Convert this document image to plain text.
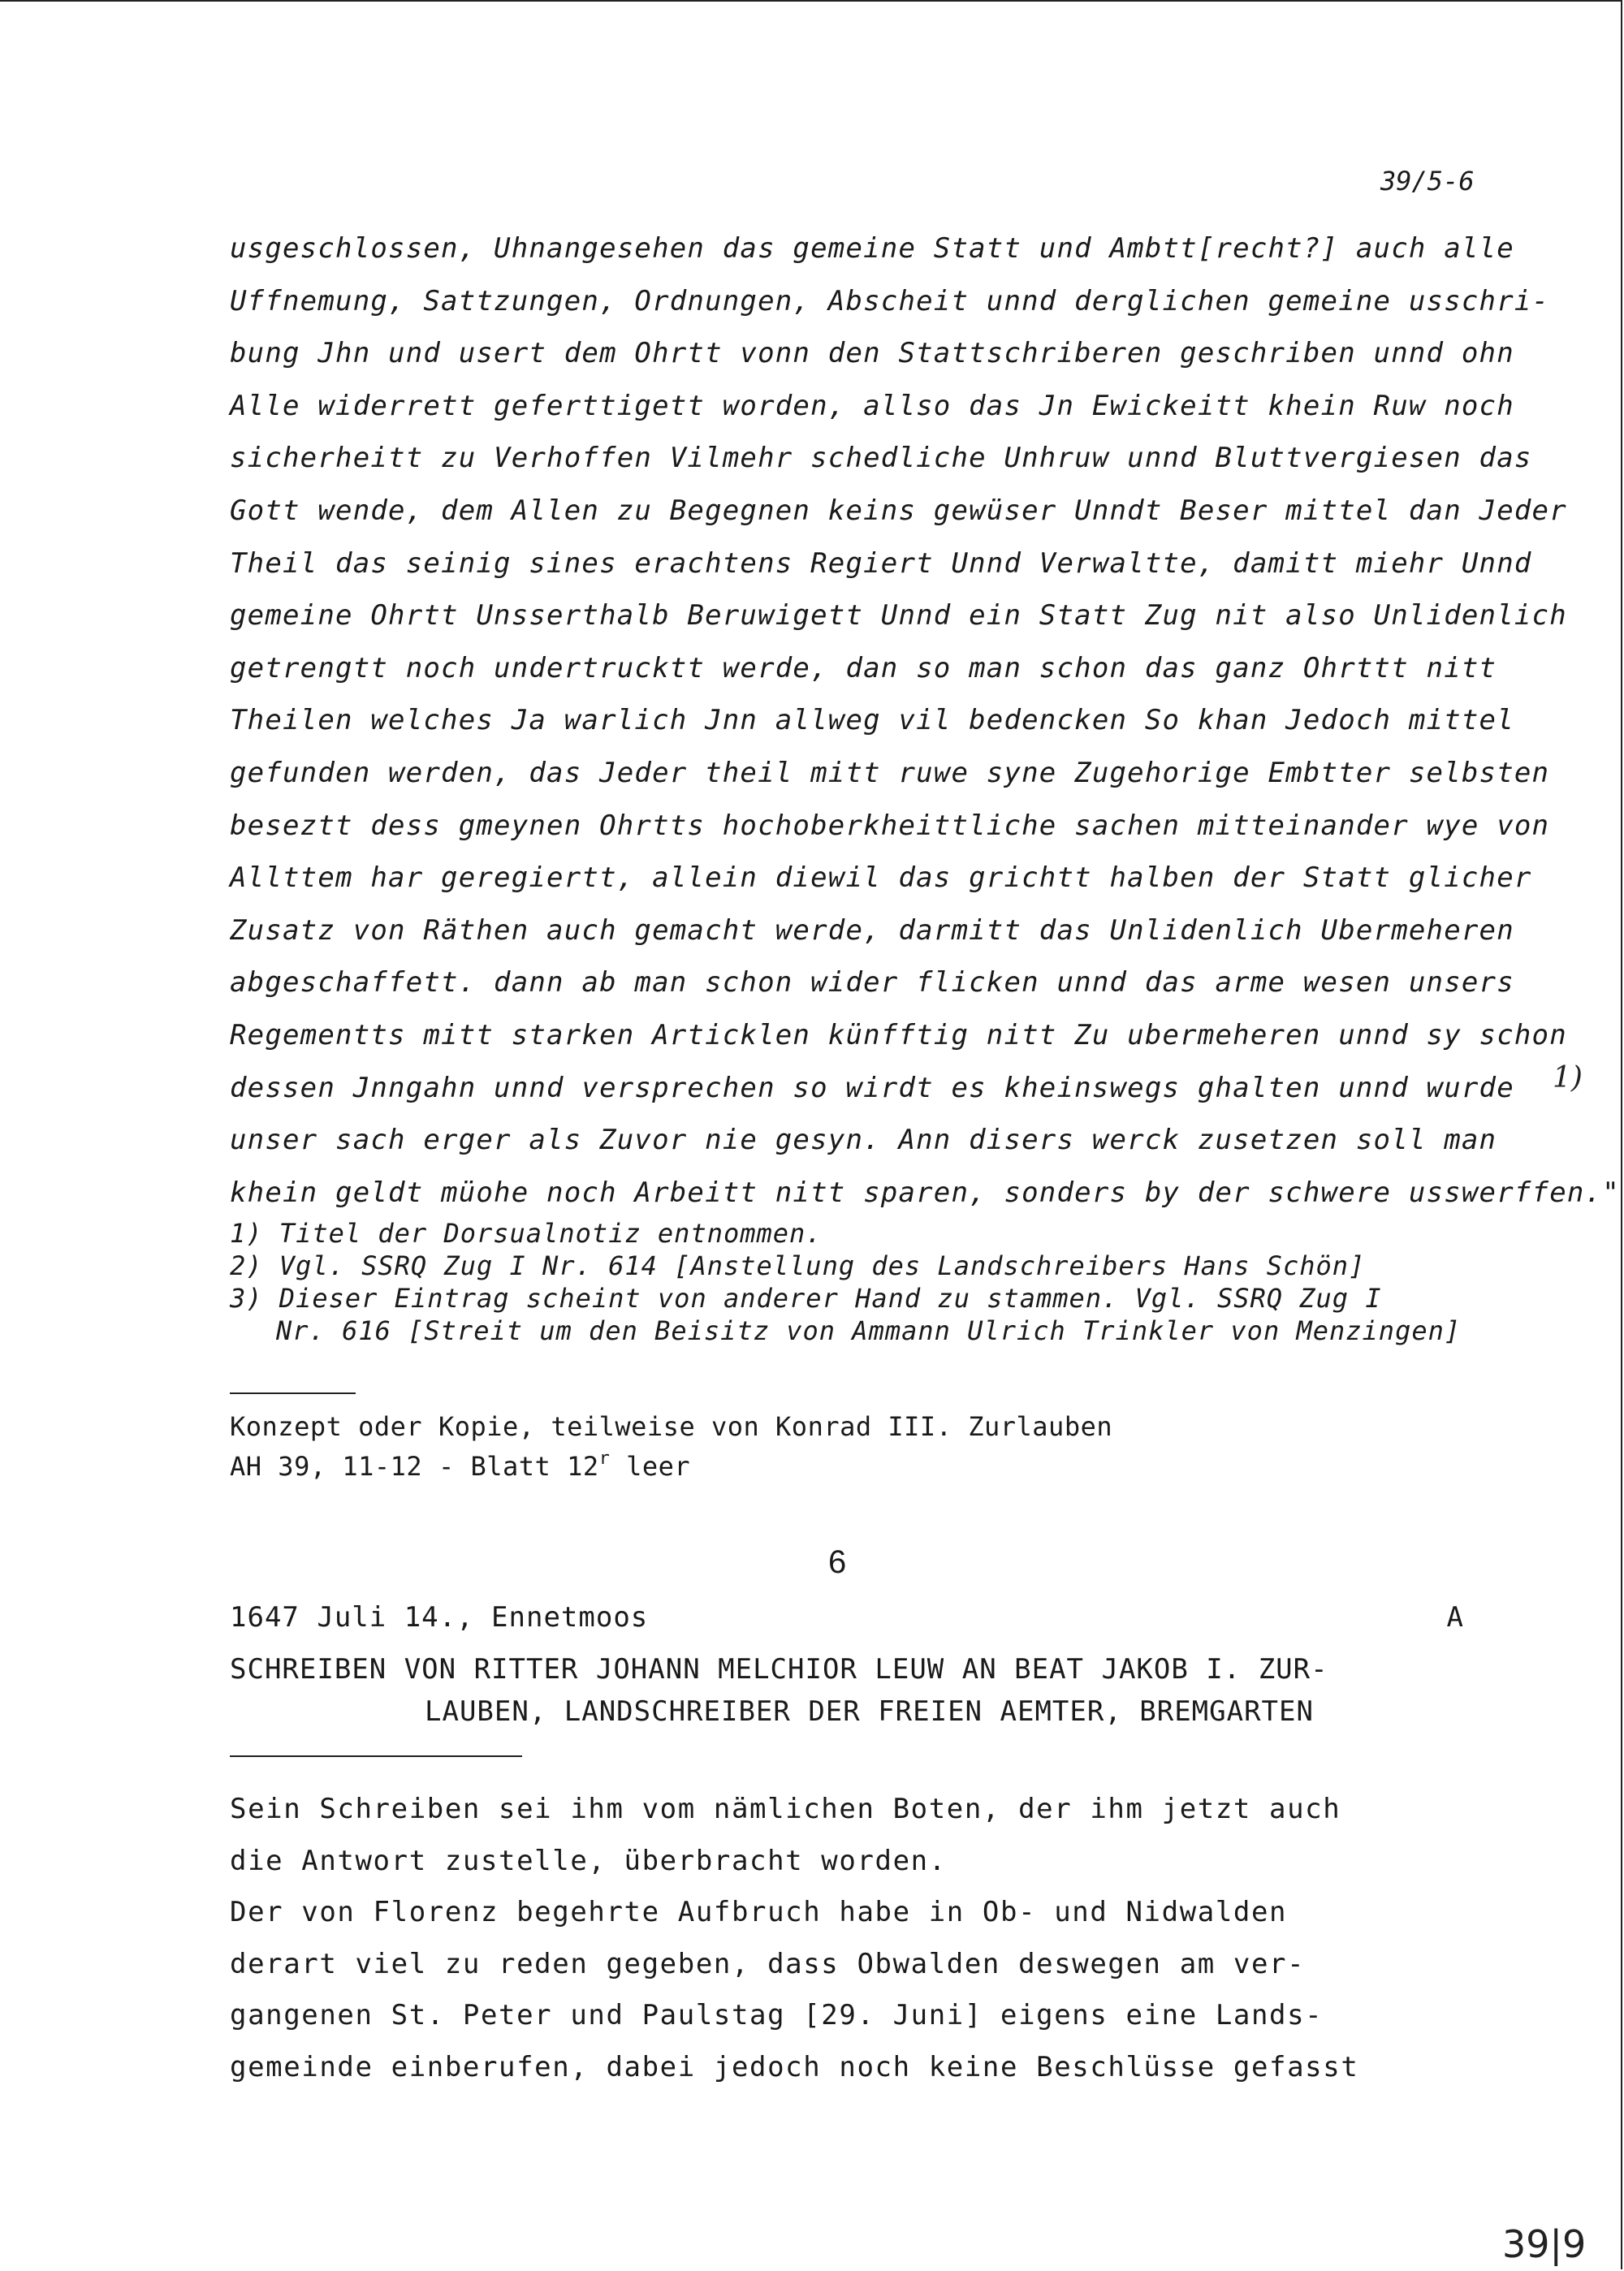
39/5-6
usgeschlossen, Uhnangesehen das gemeine Statt und Ambtt[recht?] auch alle
Uffnemung, Sattzungen, Ordnungen, Abscheit unnd derglichen gemeine usschri-
bung Jhn und usert dem Ohrtt vonn den Stattschriberen geschriben unnd ohn
Alle widerrett geferttigett worden, allso das Jn Ewickeitt khein Ruw noch
sicherheitt zu Verhoffen Vilmehr schedliche Unhruw unnd Bluttvergiesen das
Gott wende, dem Allen zu Begegnen keins gewüser Unndt Beser mittel dan Jeder
Theil das seinig sines erachtens Regiert Unnd Verwaltte, damitt miehr Unnd
gemeine Ohrtt Unsserthalb Beruwigett Unnd ein Statt Zug nit also Unlidenlich
getrengtt noch undertrucktt werde, dan so man schon das ganz Ohrttt nitt
Theilen welches Ja warlich Jnn allweg vil bedencken So khan Jedoch mittel
gefunden werden, das Jeder theil mitt ruwe syne Zugehorige Embtter selbsten
beseztt dess gmeynen Ohrtts hochoberkheittliche sachen mitteinander wye von
Allttem har geregiertt, allein diewil das grichtt halben der Statt glicher
Zusatz von Räthen auch gemacht werde, darmitt das Unlidenlich Ubermeheren
abgeschaffett. dann ab man schon wider flicken unnd das arme wesen unsers
Regementts mitt starken Articklen künfftig nitt Zu ubermeheren unnd sy schon
dessen Jnngahn unnd versprechen so wirdt es kheinswegs ghalten unnd wurde
unser sach erger als Zuvor nie gesyn. Ann disers werck zusetzen soll man
khein geldt müohe noch Arbeitt nitt sparen, sonders by der schwere usswerffen."
1)
1) Titel der Dorsualnotiz entnommen.
2) Vgl. SSRQ Zug I Nr. 614 [Anstellung des Landschreibers Hans Schön]
3) Dieser Eintrag scheint von anderer Hand zu stammen. Vgl. SSRQ Zug I
Nr. 616 [Streit um den Beisitz von Ammann Ulrich Trinkler von Menzingen]
Konzept oder Kopie, teilweise von Konrad III. Zurlauben
AH 39, 11-12 - Blatt 12$^r$ leer
6
1647 Juli 14., Ennetmoos	A
SCHREIBEN VON RITTER JOHANN MELCHIOR LEUW AN BEAT JAKOB I. ZUR-
LAUBEN, LANDSCHREIBER DER FREIEN AEMTER, BREMGARTEN
Sein Schreiben sei ihm vom nämlichen Boten, der ihm jetzt auch
die Antwort zustelle, überbracht worden.
Der von Florenz begehrte Aufbruch habe in Ob- und Nidwalden
derart viel zu reden gegeben, dass Obwalden deswegen am ver-
gangenen St. Peter und Paulstag [29. Juni] eigens eine Lands-
gemeinde einberufen, dabei jedoch noch keine Beschlüsse gefasst
39|9
